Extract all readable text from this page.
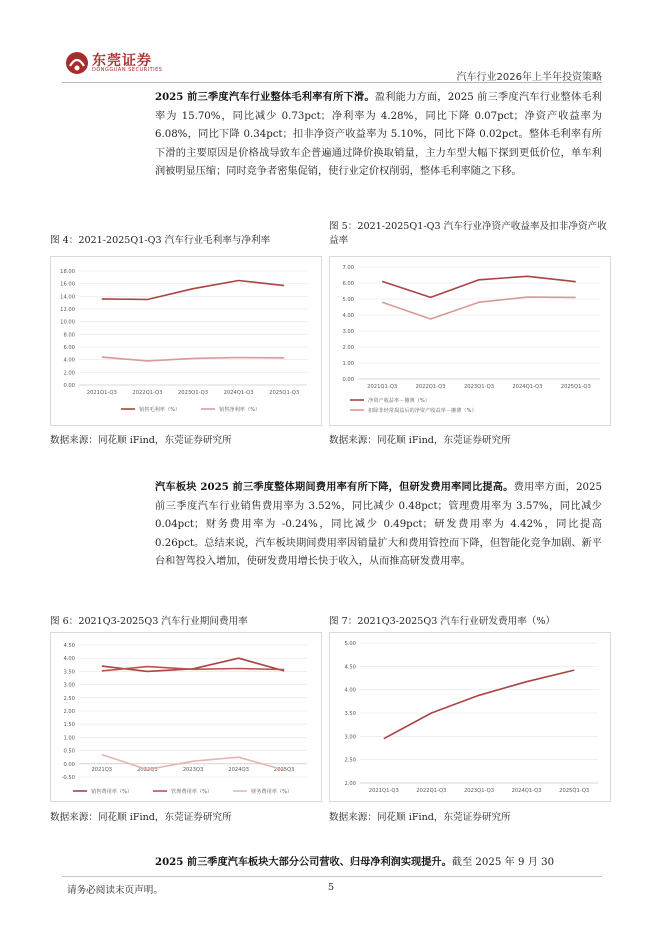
东莞证券
DONGGUAN SECURITIES
汽车行业2026年上半年投资策略
2025 前三季度汽车行业整体毛利率有所下滑。盈利能力方面，2025 前三季度汽车行业整体毛利率为 15.70%，同比减少 0.73pct；净利率为 4.28%，同比下降 0.07pct；净资产收益率为 6.08%，同比下降 0.34pct；扣非净资产收益率为 5.10%，同比下降 0.02pct。整体毛利率有所下滑的主要原因是价格战导致车企普遍通过降价换取销量，主力车型大幅下探到更低价位，单车利润被明显压缩；同时竞争者密集促销，使行业定价权削弱，整体毛利率随之下移。
图 4：2021-2025Q1-Q3 汽车行业毛利率与净利率
18.00
16.00
14.00
12.00
10.00
8.00
6.00
4.00
2.00
0.00
2021Q1-Q3	2022Q1-Q3	2023Q1-Q3	2024Q1-Q3	2025Q1-Q3
销售毛利率（%）	销售净利率（%）
数据来源：同花顺 iFind，东莞证券研究所
图 5：2021-2025Q1-Q3 汽车行业净资产收益率及扣非净资产收益率
7.00
6.00
5.00
4.00
3.00
2.00
1.00
0.00
2021Q1-Q3	2022Q1-Q3	2023Q1-Q3	2024Q1-Q3	2025Q1-Q3
净资产收益率－摊薄（%）
扣除非经常损益后的净资产收益率－摊薄（%）
数据来源：同花顺 iFind，东莞证券研究所
汽车板块 2025 前三季度整体期间费用率有所下降，但研发费用率同比提高。费用率方面，2025 前三季度汽车行业销售费用率为 3.52%，同比减少 0.48pct；管理费用率为 3.57%，同比减少 0.04pct；财务费用率为 -0.24%，同比减少 0.49pct；研发费用率为 4.42%，同比提高 0.26pct。总结来说，汽车板块期间费用率因销量扩大和费用管控而下降，但智能化竞争加剧、新平台和智驾投入增加，使研发费用增长快于收入，从而推高研发费用率。
图 6：2021Q3-2025Q3 汽车行业期间费用率
4.50
4.00
3.50
3.00
2.50
2.00
1.50
1.00
0.50
0.00
-0.50
2021Q3	2022Q3	2023Q3	2024Q3	2025Q3
销售费用率（%）	管理费用率（%）	财务费用率（%）
数据来源：同花顺 iFind，东莞证券研究所
图 7：2021Q3-2025Q3 汽车行业研发费用率（%）
5.00
4.50
4.00
3.50
3.00
2.50
2.00
2021Q1-Q3	2022Q1-Q3	2023Q1-Q3	2024Q1-Q3	2025Q1-Q3
数据来源：同花顺 iFind，东莞证券研究所
2025 前三季度汽车板块大部分公司营收、归母净利润实现提升。截至 2025 年 9 月 30
请务必阅读末页声明。	5
